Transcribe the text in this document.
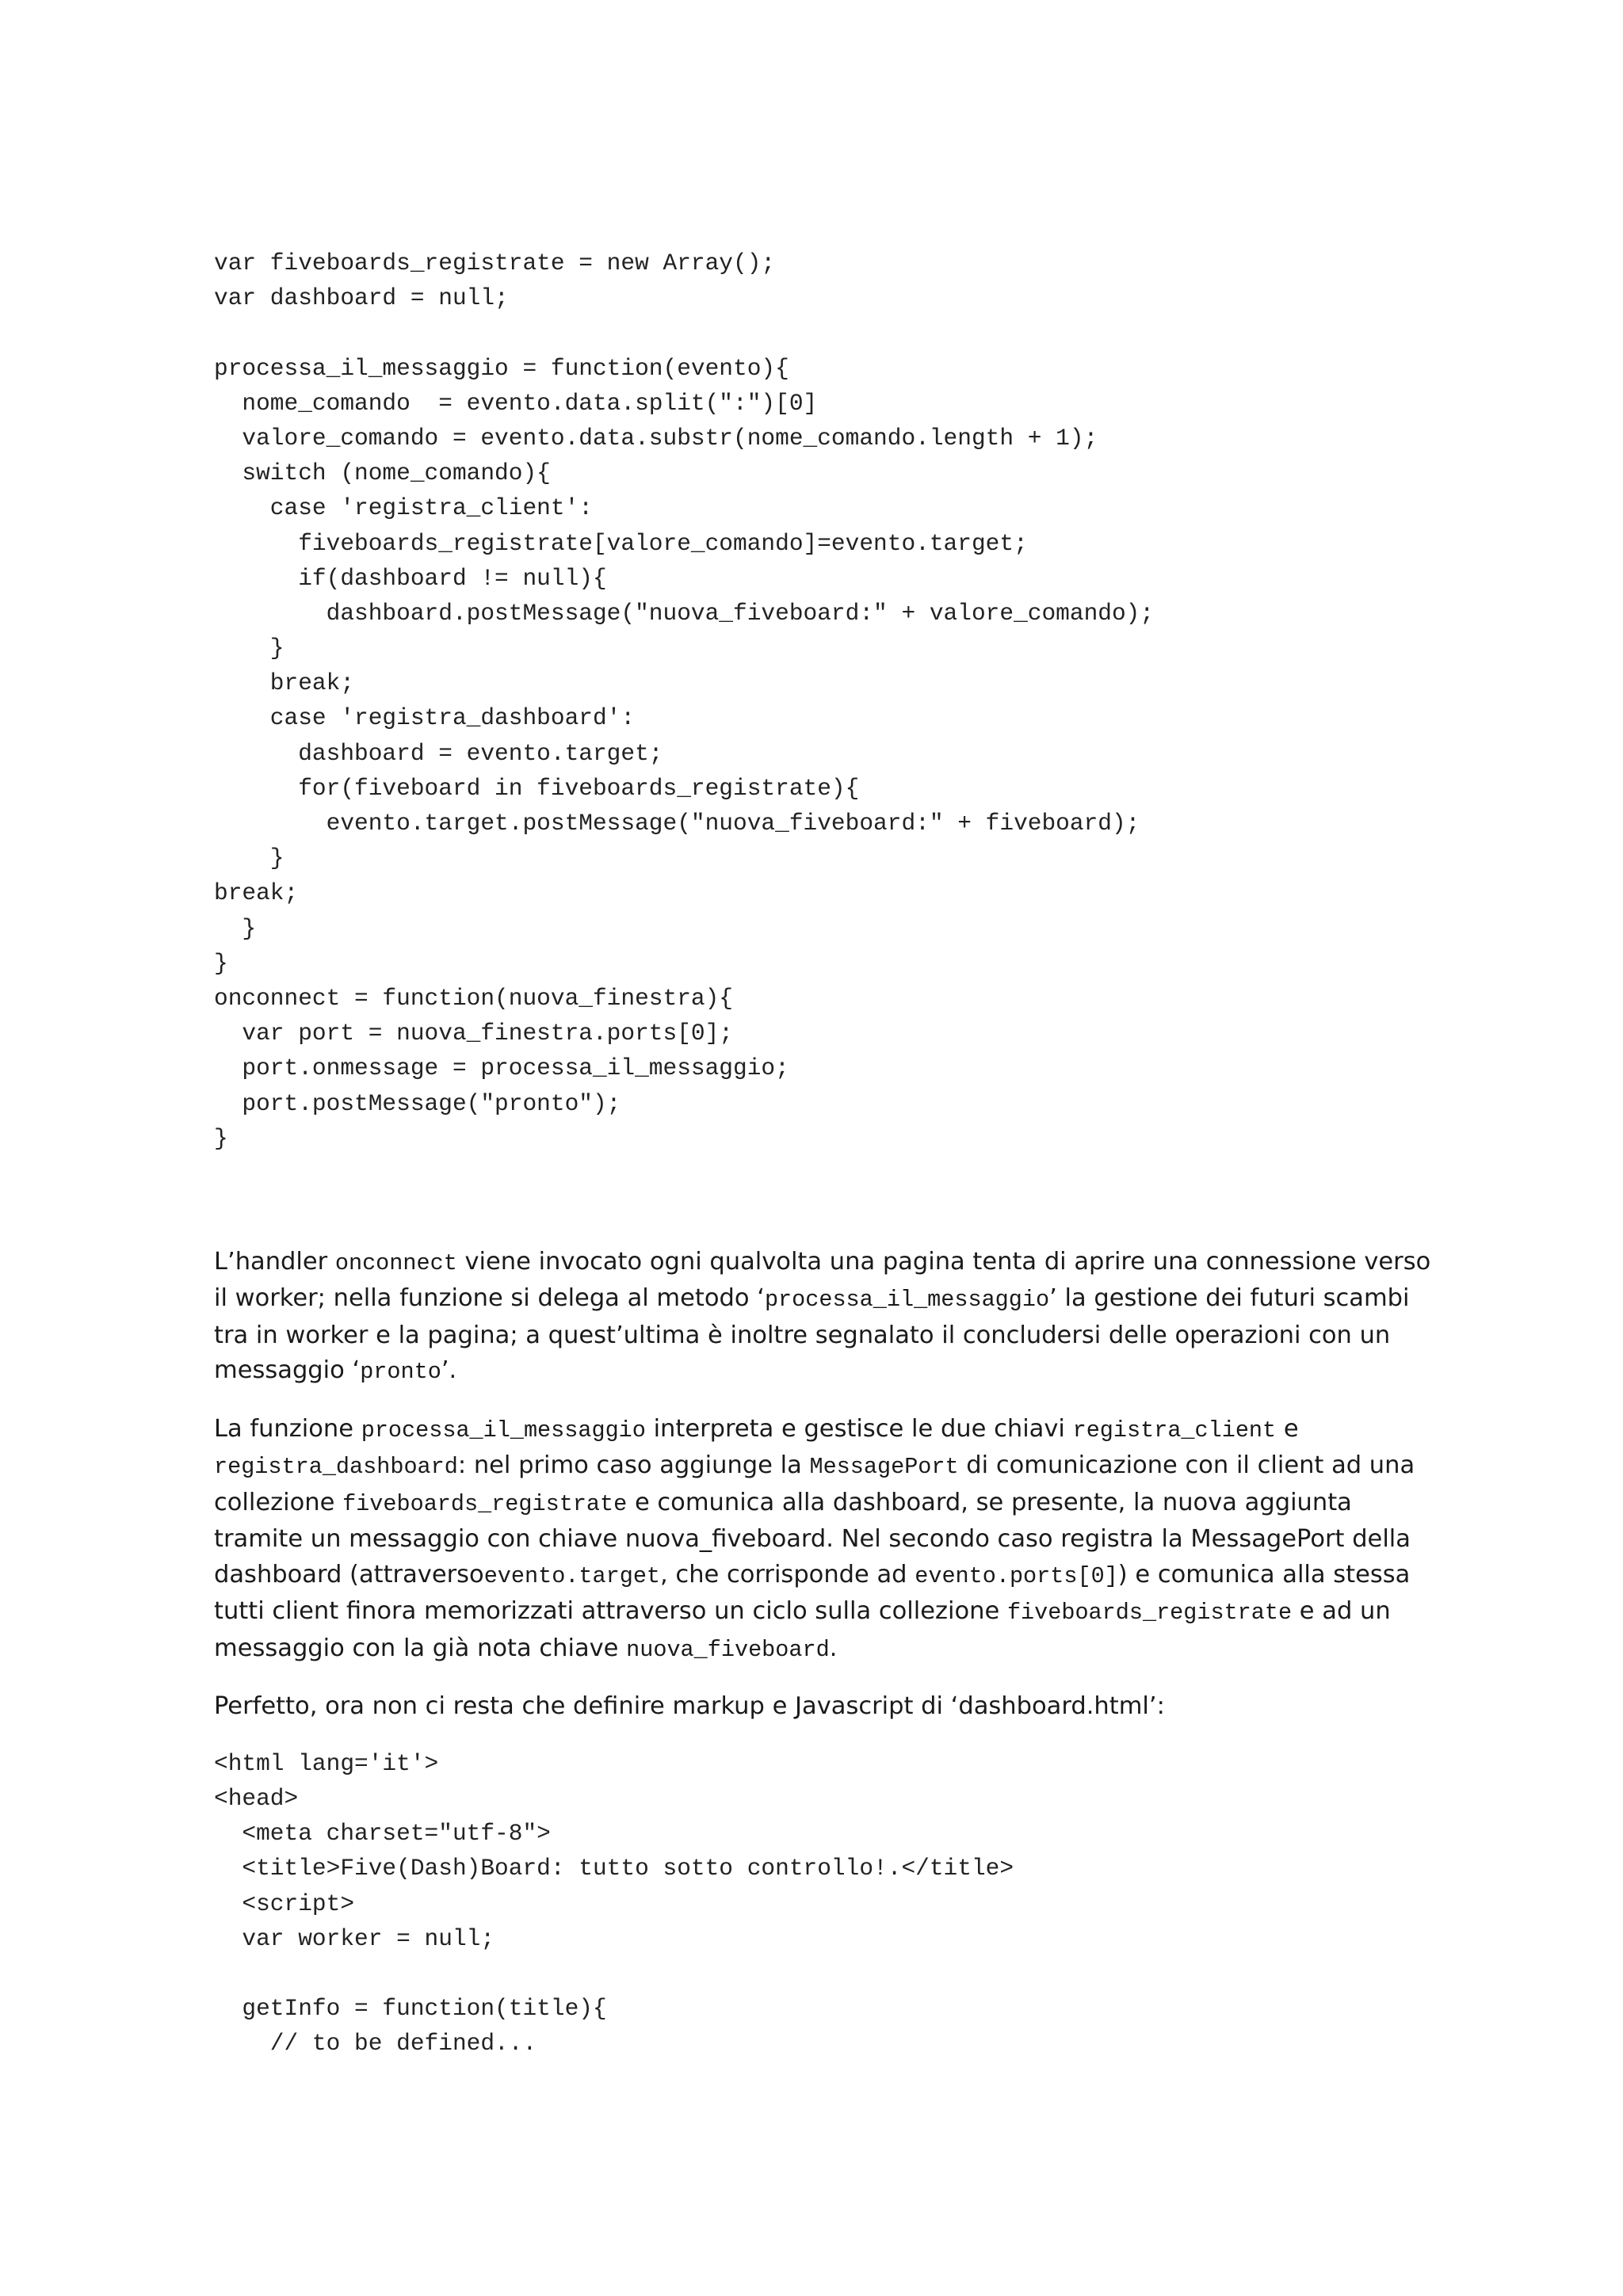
var fiveboards_registrate = new Array();
var dashboard = null;
processa_il_messaggio = function(evento){
nome_comando  = evento.data.split(":")[0]
valore_comando = evento.data.substr(nome_comando.length + 1);
switch (nome_comando){
case 'registra_client':
fiveboards_registrate[valore_comando]=evento.target;
if(dashboard != null){
dashboard.postMessage("nuova_fiveboard:" + valore_comando);
}
break;
case 'registra_dashboard':
dashboard = evento.target;
for(fiveboard in fiveboards_registrate){
evento.target.postMessage("nuova_fiveboard:" + fiveboard);
}
break;
}
}
onconnect = function(nuova_finestra){
var port = nuova_finestra.ports[0];
port.onmessage = processa_il_messaggio;
port.postMessage("pronto");
}

L’handler onconnect viene invocato ogni qualvolta una pagina tenta di aprire una connessione verso il worker; nella funzione si delega al metodo ‘processa_il_messaggio’ la gestione dei futuri scambi tra in worker e la pagina; a quest’ultima è inoltre segnalato il concludersi delle operazioni con un messaggio ‘pronto’.

La funzione processa_il_messaggio interpreta e gestisce le due chiavi registra_client e registra_dashboard: nel primo caso aggiunge la MessagePort di comunicazione con il client ad una collezione fiveboards_registrate e comunica alla dashboard, se presente, la nuova aggiunta tramite un messaggio con chiave nuova_fiveboard. Nel secondo caso registra la MessagePort della dashboard (attraversoevento.target, che corrisponde ad evento.ports[0]) e comunica alla stessa tutti client finora memorizzati attraverso un ciclo sulla collezione fiveboards_registrate e ad un messaggio con la già nota chiave nuova_fiveboard.

Perfetto, ora non ci resta che definire markup e Javascript di ‘dashboard.html’:

<html lang='it'>
<head>
<meta charset="utf-8">
<title>Five(Dash)Board: tutto sotto controllo!.</title>
<script>
var worker = null;
getInfo = function(title){
// to be defined...
